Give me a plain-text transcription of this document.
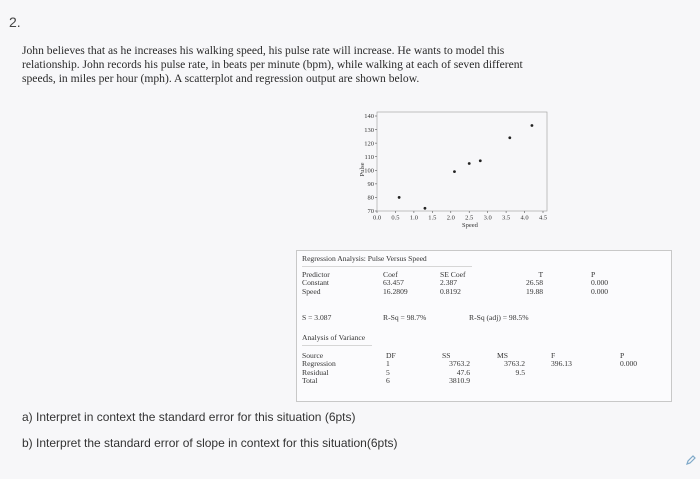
2.
John believes that as he increases his walking speed, his pulse rate will increase. He wants to model this
relationship. John records his pulse rate, in beats per minute (bpm), while walking at each of seven different
speeds, in miles per hour (mph). A scatterplot and regression output are shown below.
70
80
90
100
110
120
130
140
0.0 0.5 1.0 1.5 2.0 2.5 3.0 3.5 4.0 4.5
Speed
Pulse
Regression Analysis: Pulse Versus Speed
Predictor
Constant
Speed
Coef
63.457
16.2809
SE Coef
2.387
0.8192
T
26.58
19.88
P
0.000
0.000
S = 3.087	R-Sq = 98.7%	R-Sq (adj) = 98.5%
Analysis of Variance
Source
Regression
Residual
Total
DF
1
5
6
SS
3763.2
47.6
3810.9
MS
3763.2
9.5
F
396.13
P
0.000
a) Interpret in context the standard error for this situation (6pts)
b) Interpret the standard error of slope in context for this situation(6pts)
